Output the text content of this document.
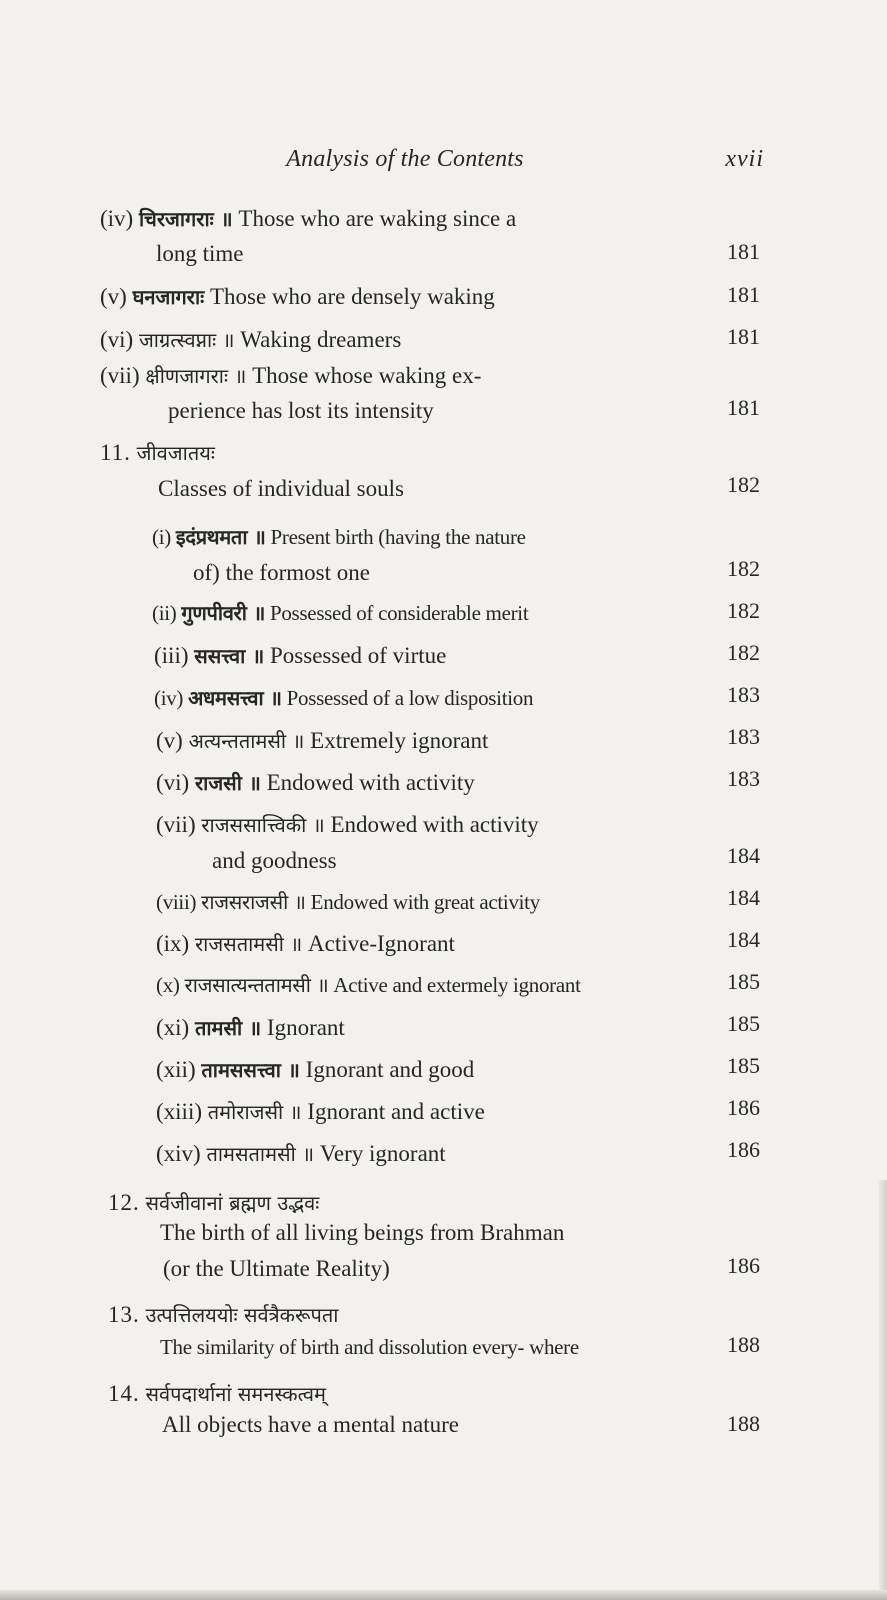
Analysis of the Contents	xvii
(iv) चिरजागराः ॥ Those who are waking since a
long time	181
(v) घनजागराः Those who are densely waking	181
(vi) जाग्रत्स्वप्नाः ॥ Waking dreamers	181
(vii) क्षीणजागराः ॥ Those whose waking ex-
perience has lost its intensity	181
11. जीवजातयः
Classes of individual souls	182
(i) इदंप्रथमता ॥ Present birth (having the nature
of) the formost one	182
(ii) गुणपीवरी ॥ Possessed of considerable merit	182
(iii) ससत्त्वा ॥ Possessed of virtue	182
(iv) अधमसत्त्वा ॥ Possessed of a low disposition	183
(v) अत्यन्ततामसी ॥ Extremely ignorant	183
(vi) राजसी ॥ Endowed with activity	183
(vii) राजससात्त्विकी ॥ Endowed with activity
and goodness	184
(viii) राजसराजसी ॥ Endowed with great activity	184
(ix) राजसतामसी ॥ Active-Ignorant	184
(x) राजसात्यन्ततामसी ॥ Active and extermely ignorant	185
(xi) तामसी ॥ Ignorant	185
(xii) तामससत्त्वा ॥ Ignorant and good	185
(xiii) तमोराजसी ॥ Ignorant and active	186
(xiv) तामसतामसी ॥ Very ignorant	186
12. सर्वजीवानां ब्रह्मण उद्भवः
The birth of all living beings from Brahman
(or the Ultimate Reality)	186
13. उत्पत्तिलययोः सर्वत्रैकरूपता
The similarity of birth and dissolution every- where	188
14. सर्वपदार्थानां समनस्कत्वम्
All objects have a mental nature	188
